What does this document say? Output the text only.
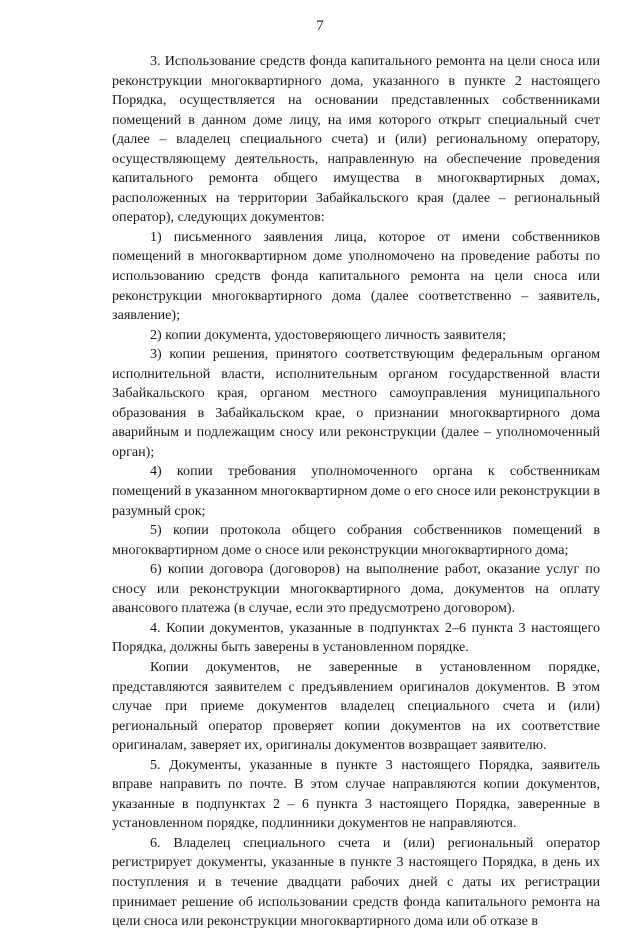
7

3. Использование средств фонда капитального ремонта на цели сноса или реконструкции многоквартирного дома, указанного в пункте 2 настоящего Порядка, осуществляется на основании представленных собственниками помещений в данном доме лицу, на имя которого открыт специальный счет (далее – владелец специального счета) и (или) региональному оператору, осуществляющему деятельность, направленную на обеспечение проведения капитального ремонта общего имущества в многоквартирных домах, расположенных на территории Забайкальского края (далее – региональный оператор), следующих документов:

1) письменного заявления лица, которое от имени собственников помещений в многоквартирном доме уполномочено на проведение работы по использованию средств фонда капитального ремонта на цели сноса или реконструкции многоквартирного дома (далее соответственно – заявитель, заявление);

2) копии документа, удостоверяющего личность заявителя;

3) копии решения, принятого соответствующим федеральным органом исполнительной власти, исполнительным органом государственной власти Забайкальского края, органом местного самоуправления муниципального образования в Забайкальском крае, о признании многоквартирного дома аварийным и подлежащим сносу или реконструкции (далее – уполномоченный орган);

4) копии требования уполномоченного органа к собственникам помещений в указанном многоквартирном доме о его сносе или реконструкции в разумный срок;

5) копии протокола общего собрания собственников помещений в многоквартирном доме о сносе или реконструкции многоквартирного дома;

6) копии договора (договоров) на выполнение работ, оказание услуг по сносу или реконструкции многоквартирного дома, документов на оплату авансового платежа (в случае, если это предусмотрено договором).

4. Копии документов, указанные в подпунктах 2–6 пункта 3 настоящего Порядка, должны быть заверены в установленном порядке.

Копии документов, не заверенные в установленном порядке, представляются заявителем с предъявлением оригиналов документов. В этом случае при приеме документов владелец специального счета и (или) региональный оператор проверяет копии документов на их соответствие оригиналам, заверяет их, оригиналы документов возвращает заявителю.

5. Документы, указанные в пункте 3 настоящего Порядка, заявитель вправе направить по почте. В этом случае направляются копии документов, указанные в подпунктах 2 – 6 пункта 3 настоящего Порядка, заверенные в установленном порядке, подлинники документов не направляются.

6. Владелец специального счета и (или) региональный оператор регистрирует документы, указанные в пункте 3 настоящего Порядка, в день их поступления и в течение двадцати рабочих дней с даты их регистрации принимает решение об использовании средств фонда капитального ремонта на цели сноса или реконструкции многоквартирного дома или об отказе в
